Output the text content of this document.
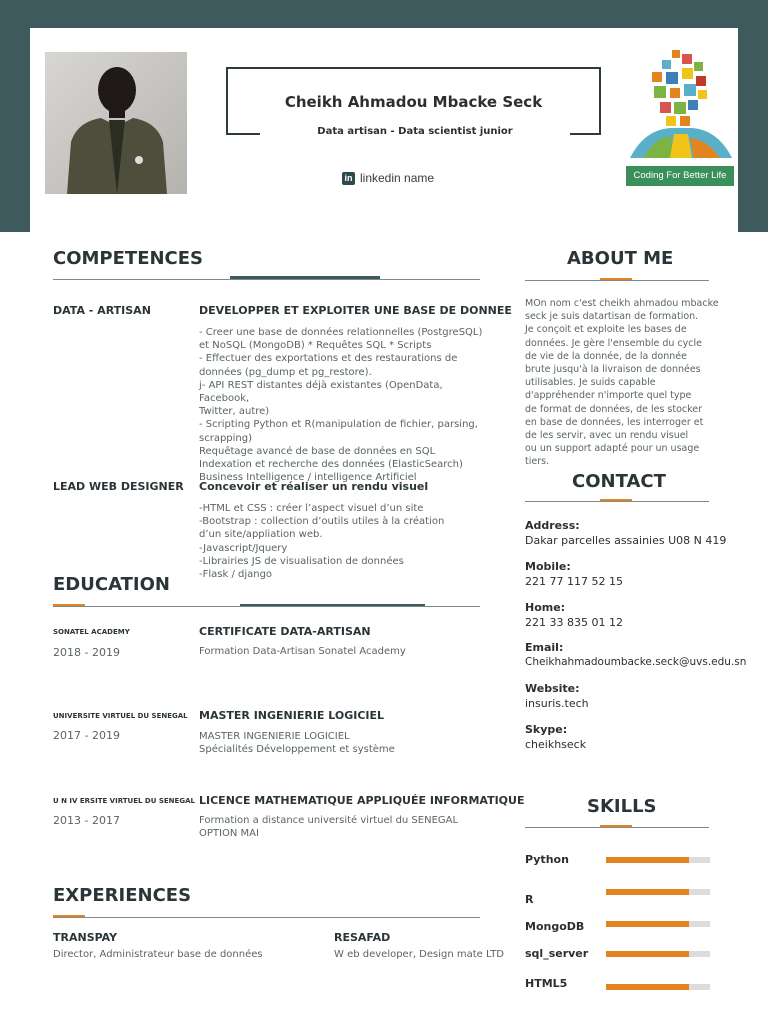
Cheikh Ahmadou Mbacke Seck
Data artisan - Data scientist junior
in linkedin name	Coding For Better Life
COMPETENCES
DATA - ARTISAN	DEVELOPPER ET EXPLOITER UNE BASE DE DONNEE
- Creer une base de données relationnelles (PostgreSQL)
et NoSQL (MongoDB) * Requêtes SQL * Scripts
- Effectuer des exportations et des restaurations de
données (pg_dump et pg_restore).
j- API REST distantes déjà existantes (OpenData, Facebook,
Twitter, autre)
- Scripting Python et R(manipulation de fichier, parsing,
scrapping)
Requêtage avancé de base de données en SQL
Indexation et recherche des données (ElasticSearch)
Business Intelligence / intelligence Artificiel
LEAD WEB DESIGNER Concevoir et réaliser un rendu visuel
-HTML et CSS : créer l’aspect visuel d’un site
-Bootstrap : collection d’outils utiles à la création
d’un site/appliation web.
-Javascript/Jquery
-Librairies JS de visualisation de données
-Flask / django
EDUCATION
SONATEL ACADEMY
2018 - 2019
CERTIFICATE DATA-ARTISAN
Formation Data-Artisan Sonatel Academy
UNIVERSITE VIRTUEL DU SENEGAL
2017 - 2019
MASTER INGENIERIE LOGICIEL
MASTER INGENIERIE LOGICIEL
Spécialités Développement et système
U N IV ERSITE VIRTUEL DU SENEGAL
2013 - 2017
LICENCE MATHEMATIQUE APPLIQUÉE INFORMATIQUE
Formation a distance université virtuel du SENEGAL
OPTION MAI
EXPERIENCES
TRANSPAY
Director, Administrateur base de données
RESAFAD
W eb developer, Design mate LTD
ABOUT ME
MOn nom c'est cheikh ahmadou mbacke
seck je suis datartisan de formation.
Je conçoit et exploite les bases de
données. Je gère l'ensemble du cycle
de vie de la donnée, de la donnée
brute jusqu'à la livraison de données
utilisables. Je suids capable
d'appréhender n'importe quel type
de format de données, de les stocker
en base de données, les interroger et
de les servir, avec un rendu visuel
ou un support adapté pour un usage
tiers.
CONTACT
Address:
Dakar parcelles assainies U08 N 419
Mobile:
221 77 117 52 15
Home:
221 33 835 01 12
Email:
Cheikhahmadoumbacke.seck@uvs.edu.sn
Website:
insuris.tech
Skype:
cheikhseck
SKILLS
Python
R
MongoDB
sql_server
HTML5
